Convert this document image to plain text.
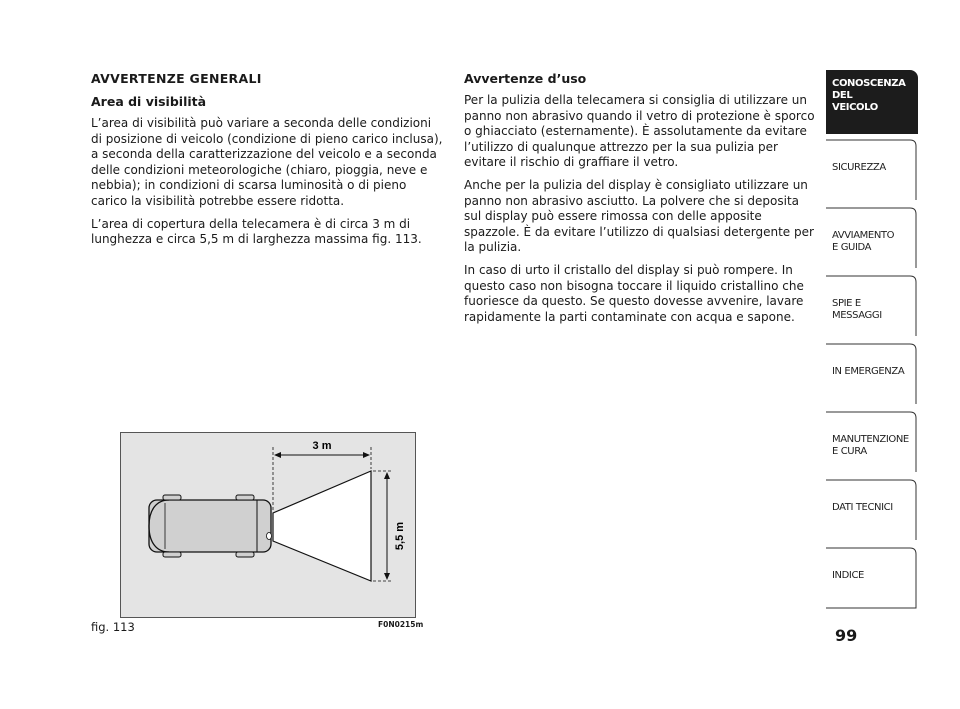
AVVERTENZE GENERALI
Area di visibilità

L’area di visibilità può variare a seconda delle condizioni di posizione di veicolo (condizione di pieno carico inclusa), a seconda della caratterizzazione del veicolo e a seconda delle condizioni meteorologiche (chiaro, pioggia, neve e nebbia); in condizioni di scarsa luminosità o di pieno carico la visibilità potrebbe essere ridotta.

L’area di copertura della telecamera è di circa 3 m di lunghezza e circa 5,5 m di larghezza massima fig. 113.

Avvertenze d’uso

Per la pulizia della telecamera si consiglia di utilizzare un panno non abrasivo quando il vetro di protezione è sporco o ghiacciato (esternamente). È assolutamente da evitare l’utilizzo di qualunque attrezzo per la sua pulizia per evitare il rischio di graffiare il vetro.

Anche per la pulizia del display è consigliato utilizzare un panno non abrasivo asciutto. La polvere che si deposita sul display può essere rimossa con delle apposite spazzole. È da evitare l’utilizzo di qualsiasi detergente per la pulizia.

In caso di urto il cristallo del display si può rompere. In questo caso non bisogna toccare il liquido cristallino che fuoriesce da questo. Se questo dovesse avvenire, lavare rapidamente la parti contaminate con acqua e sapone.

3 m
5,5 m
fig. 113	F0N0215m
CONOSCENZA
DEL
VEICOLO
SICUREZZA
AVVIAMENTO
E GUIDA
SPIE E
MESSAGGI
IN EMERGENZA
MANUTENZIONE
E CURA
DATI TECNICI
INDICE
99
